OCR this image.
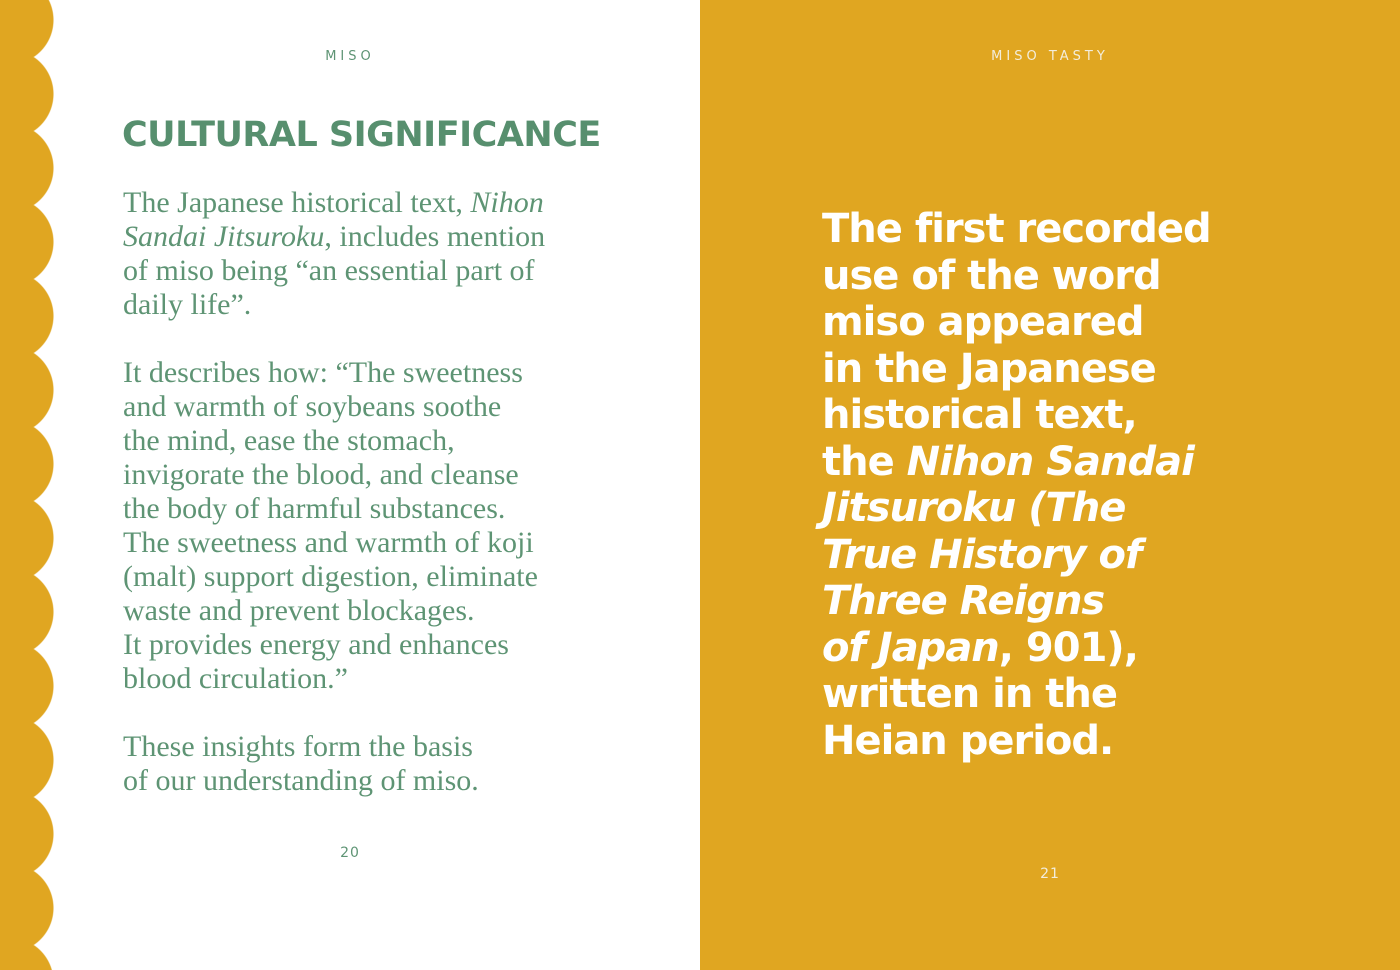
MISO
CULTURAL SIGNIFICANCE

The Japanese historical text, Nihon
Sandai Jitsuroku, includes mention
of miso being “an essential part of
daily life”.

It describes how: “The sweetness
and warmth of soybeans soothe
the mind, ease the stomach,
invigorate the blood, and cleanse
the body of harmful substances.
The sweetness and warmth of koji
(malt) support digestion, eliminate
waste and prevent blockages.
It provides energy and enhances
blood circulation.”

These insights form the basis
of our understanding of miso.

20
MISO TASTY

The first recorded
use of the word
miso appeared
in the Japanese
historical text,
the Nihon Sandai
Jitsuroku (The
True History of
Three Reigns
of Japan, 901),
written in the
Heian period.

21
